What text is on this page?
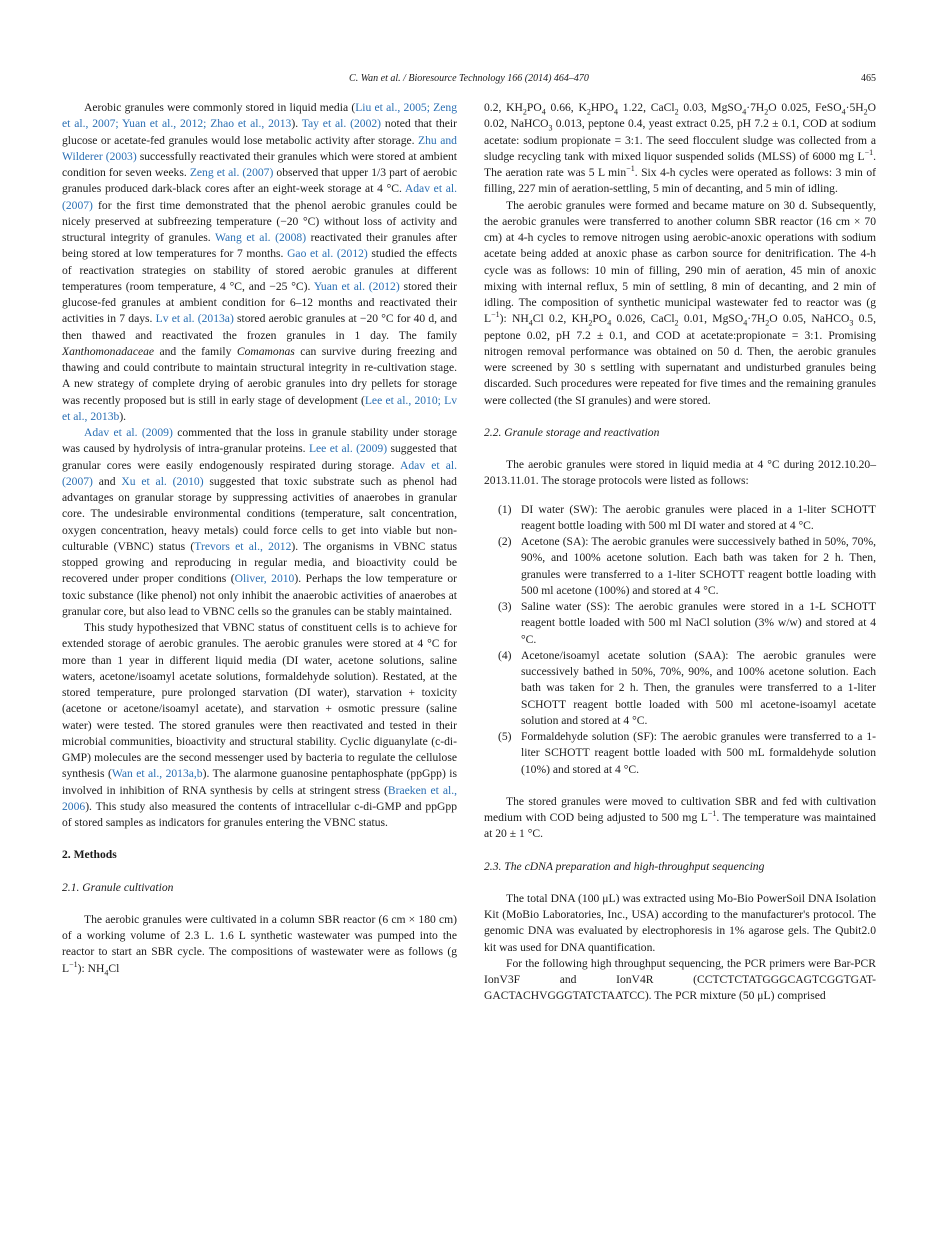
C. Wan et al. / Bioresource Technology 166 (2014) 464–470	465

Aerobic granules were commonly stored in liquid media (Liu et al., 2005; Zeng et al., 2007; Yuan et al., 2012; Zhao et al., 2013). Tay et al. (2002) noted that their glucose or acetate-fed granules would lose metabolic activity after storage. Zhu and Wilderer (2003) successfully reactivated their granules which were stored at ambient condition for seven weeks. Zeng et al. (2007) observed that upper 1/3 part of aerobic granules produced dark-black cores after an eight-week storage at 4 °C. Adav et al. (2007) for the first time demonstrated that the phenol aerobic granules could be nicely preserved at subfreezing temperature (−20 °C) without loss of activity and structural integrity of granules. Wang et al. (2008) reactivated their granules after being stored at low temperatures for 7 months. Gao et al. (2012) studied the effects of reactivation strategies on stability of stored aerobic granules at different temperatures (room temperature, 4 °C, and −25 °C). Yuan et al. (2012) stored their glucose-fed granules at ambient condition for 6–12 months and reactivated their activities in 7 days. Lv et al. (2013a) stored aerobic granules at −20 °C for 40 d, and then thawed and reactivated the frozen granules in 1 day. The family Xanthomonadaceae and the family Comamonas can survive during freezing and thawing and could contribute to maintain structural integrity in re-cultivation stage. A new strategy of complete drying of aerobic granules into dry pellets for storage was recently proposed but is still in early stage of development (Lee et al., 2010; Lv et al., 2013b).

Adav et al. (2009) commented that the loss in granule stability under storage was caused by hydrolysis of intra-granular proteins. Lee et al. (2009) suggested that granular cores were easily endogenously respirated during storage. Adav et al. (2007) and Xu et al. (2010) suggested that toxic substrate such as phenol had advantages on granular storage by suppressing activities of anaerobes in granular core. The undesirable environmental conditions (temperature, salt concentration, oxygen concentration, heavy metals) could force cells to get into viable but non-culturable (VBNC) status (Trevors et al., 2012). The organisms in VBNC status stopped growing and reproducing in regular media, and bioactivity could be recovered under proper conditions (Oliver, 2010). Perhaps the low temperature or toxic substance (like phenol) not only inhibit the anaerobic activities of anaerobes at granular core, but also lead to VBNC cells so the granules can be stably maintained.

This study hypothesized that VBNC status of constituent cells is to achieve for extended storage of aerobic granules. The aerobic granules were stored at 4 °C for more than 1 year in different liquid media (DI water, acetone solutions, saline waters, acetone/isoamyl acetate solutions, formaldehyde solution). Restated, at the stored temperature, pure prolonged starvation (DI water), starvation + toxicity (acetone or acetone/isoamyl acetate), and starvation + osmotic pressure (saline water) were tested. The stored granules were then reactivated and tested in their microbial communities, bioactivity and structural stability. Cyclic diguanylate (c-di-GMP) molecules are the second messenger used by bacteria to regulate the cellulose synthesis (Wan et al., 2013a,b). The alarmone guanosine pentaphosphate (ppGpp) is involved in inhibition of RNA synthesis by cells at stringent stress (Braeken et al., 2006). This study also measured the contents of intracellular c-di-GMP and ppGpp of stored samples as indicators for granules entering the VBNC status.

2. Methods
2.1. Granule cultivation

The aerobic granules were cultivated in a column SBR reactor (6 cm × 180 cm) of a working volume of 2.3 L. 1.6 L synthetic wastewater was pumped into the reactor to start an SBR cycle. The compositions of wastewater were as follows (g $L^{-1}$): $NH_4Cl$

0.2, $KH_2PO_4$ 0.66, $K_2HPO_4$ 1.22, CaCl$_2$ 0.03, $MgSO_4\cdot 7H_2O$ 0.025, $FeSO_4\cdot 5H_2O$ 0.02, NaHCO$_3$ 0.013, peptone 0.4, yeast extract 0.25, pH 7.2 ± 0.1, COD at sodium acetate: sodium propionate = 3:1. The seed flocculent sludge was collected from a sludge recycling tank with mixed liquor suspended solids (MLSS) of 6000 mg $L^{-1}$. The aeration rate was 5 L $\min^{-1}$. Six 4-h cycles were operated as follows: 3 min of filling, 227 min of aeration-settling, 5 min of decanting, and 5 min of idling.

The aerobic granules were formed and became mature on 30 d. Subsequently, the aerobic granules were transferred to another column SBR reactor (16 cm × 70 cm) at 4-h cycles to remove nitrogen using aerobic-anoxic operations with sodium acetate being added at anoxic phase as carbon source for denitrification. The 4-h cycle was as follows: 10 min of filling, 290 min of aeration, 45 min of anoxic mixing with internal reflux, 5 min of settling, 8 min of decanting, and 2 min of idling. The composition of synthetic municipal wastewater fed to reactor was (g $L^{-1}$): $NH_4Cl$ 0.2, $KH_2PO_4$ 0.026, CaCl$_2$ 0.01, $MgSO_4\cdot 7H_2O$ 0.05, NaHCO$_3$ 0.5, peptone 0.02, pH 7.2 ± 0.1, and COD at acetate:propionate = 3:1. Promising nitrogen removal performance was obtained on 50 d. Then, the aerobic granules were screened by 30 s settling with supernatant and undisturbed granules being discarded. Such procedures were repeated for five times and the remaining granules were collected (the SI granules) and were stored.

2.2. Granule storage and reactivation

The aerobic granules were stored in liquid media at 4 °C during 2012.10.20–2013.11.01. The storage protocols were listed as follows:

(1) DI water (SW): The aerobic granules were placed in a 1-liter SCHOTT reagent bottle loading with 500 ml DI water and stored at 4 °C.
(2) Acetone (SA): The aerobic granules were successively bathed in 50%, 70%, 90%, and 100% acetone solution. Each bath was taken for 2 h. Then, granules were transferred to a 1-liter SCHOTT reagent bottle loading with 500 ml acetone (100%) and stored at 4 °C.
(3) Saline water (SS): The aerobic granules were stored in a 1-L SCHOTT reagent bottle loaded with 500 ml NaCl solution (3% w/w) and stored at 4 °C.
(4) Acetone/isoamyl acetate solution (SAA): The aerobic granules were successively bathed in 50%, 70%, 90%, and 100% acetone solution. Each bath was taken for 2 h. Then, the granules were transferred to a 1-liter SCHOTT reagent bottle loaded with 500 ml acetone-isoamyl acetate solution and stored at 4 °C.
(5) Formaldehyde solution (SF): The aerobic granules were transferred to a 1-liter SCHOTT reagent bottle loaded with 500 mL formaldehyde solution (10%) and stored at 4 °C.

The stored granules were moved to cultivation SBR and fed with cultivation medium with COD being adjusted to 500 mg $L^{-1}$. The temperature was maintained at 20 ± 1 °C.

2.3. The cDNA preparation and high-throughput sequencing

The total DNA (100 μL) was extracted using Mo-Bio PowerSoil DNA Isolation Kit (MoBio Laboratories, Inc., USA) according to the manufacturer's protocol. The genomic DNA was evaluated by electrophoresis in 1% agarose gels. The Qubit2.0 kit was used for DNA quantification.

For the following high throughput sequencing, the PCR primers were Bar-PCR IonV3F and IonV4R (CCTCTCTATGGGCAGTCGGTGAT-GACTACHVGGGTATCTAATCC). The PCR mixture (50 μL) comprised
